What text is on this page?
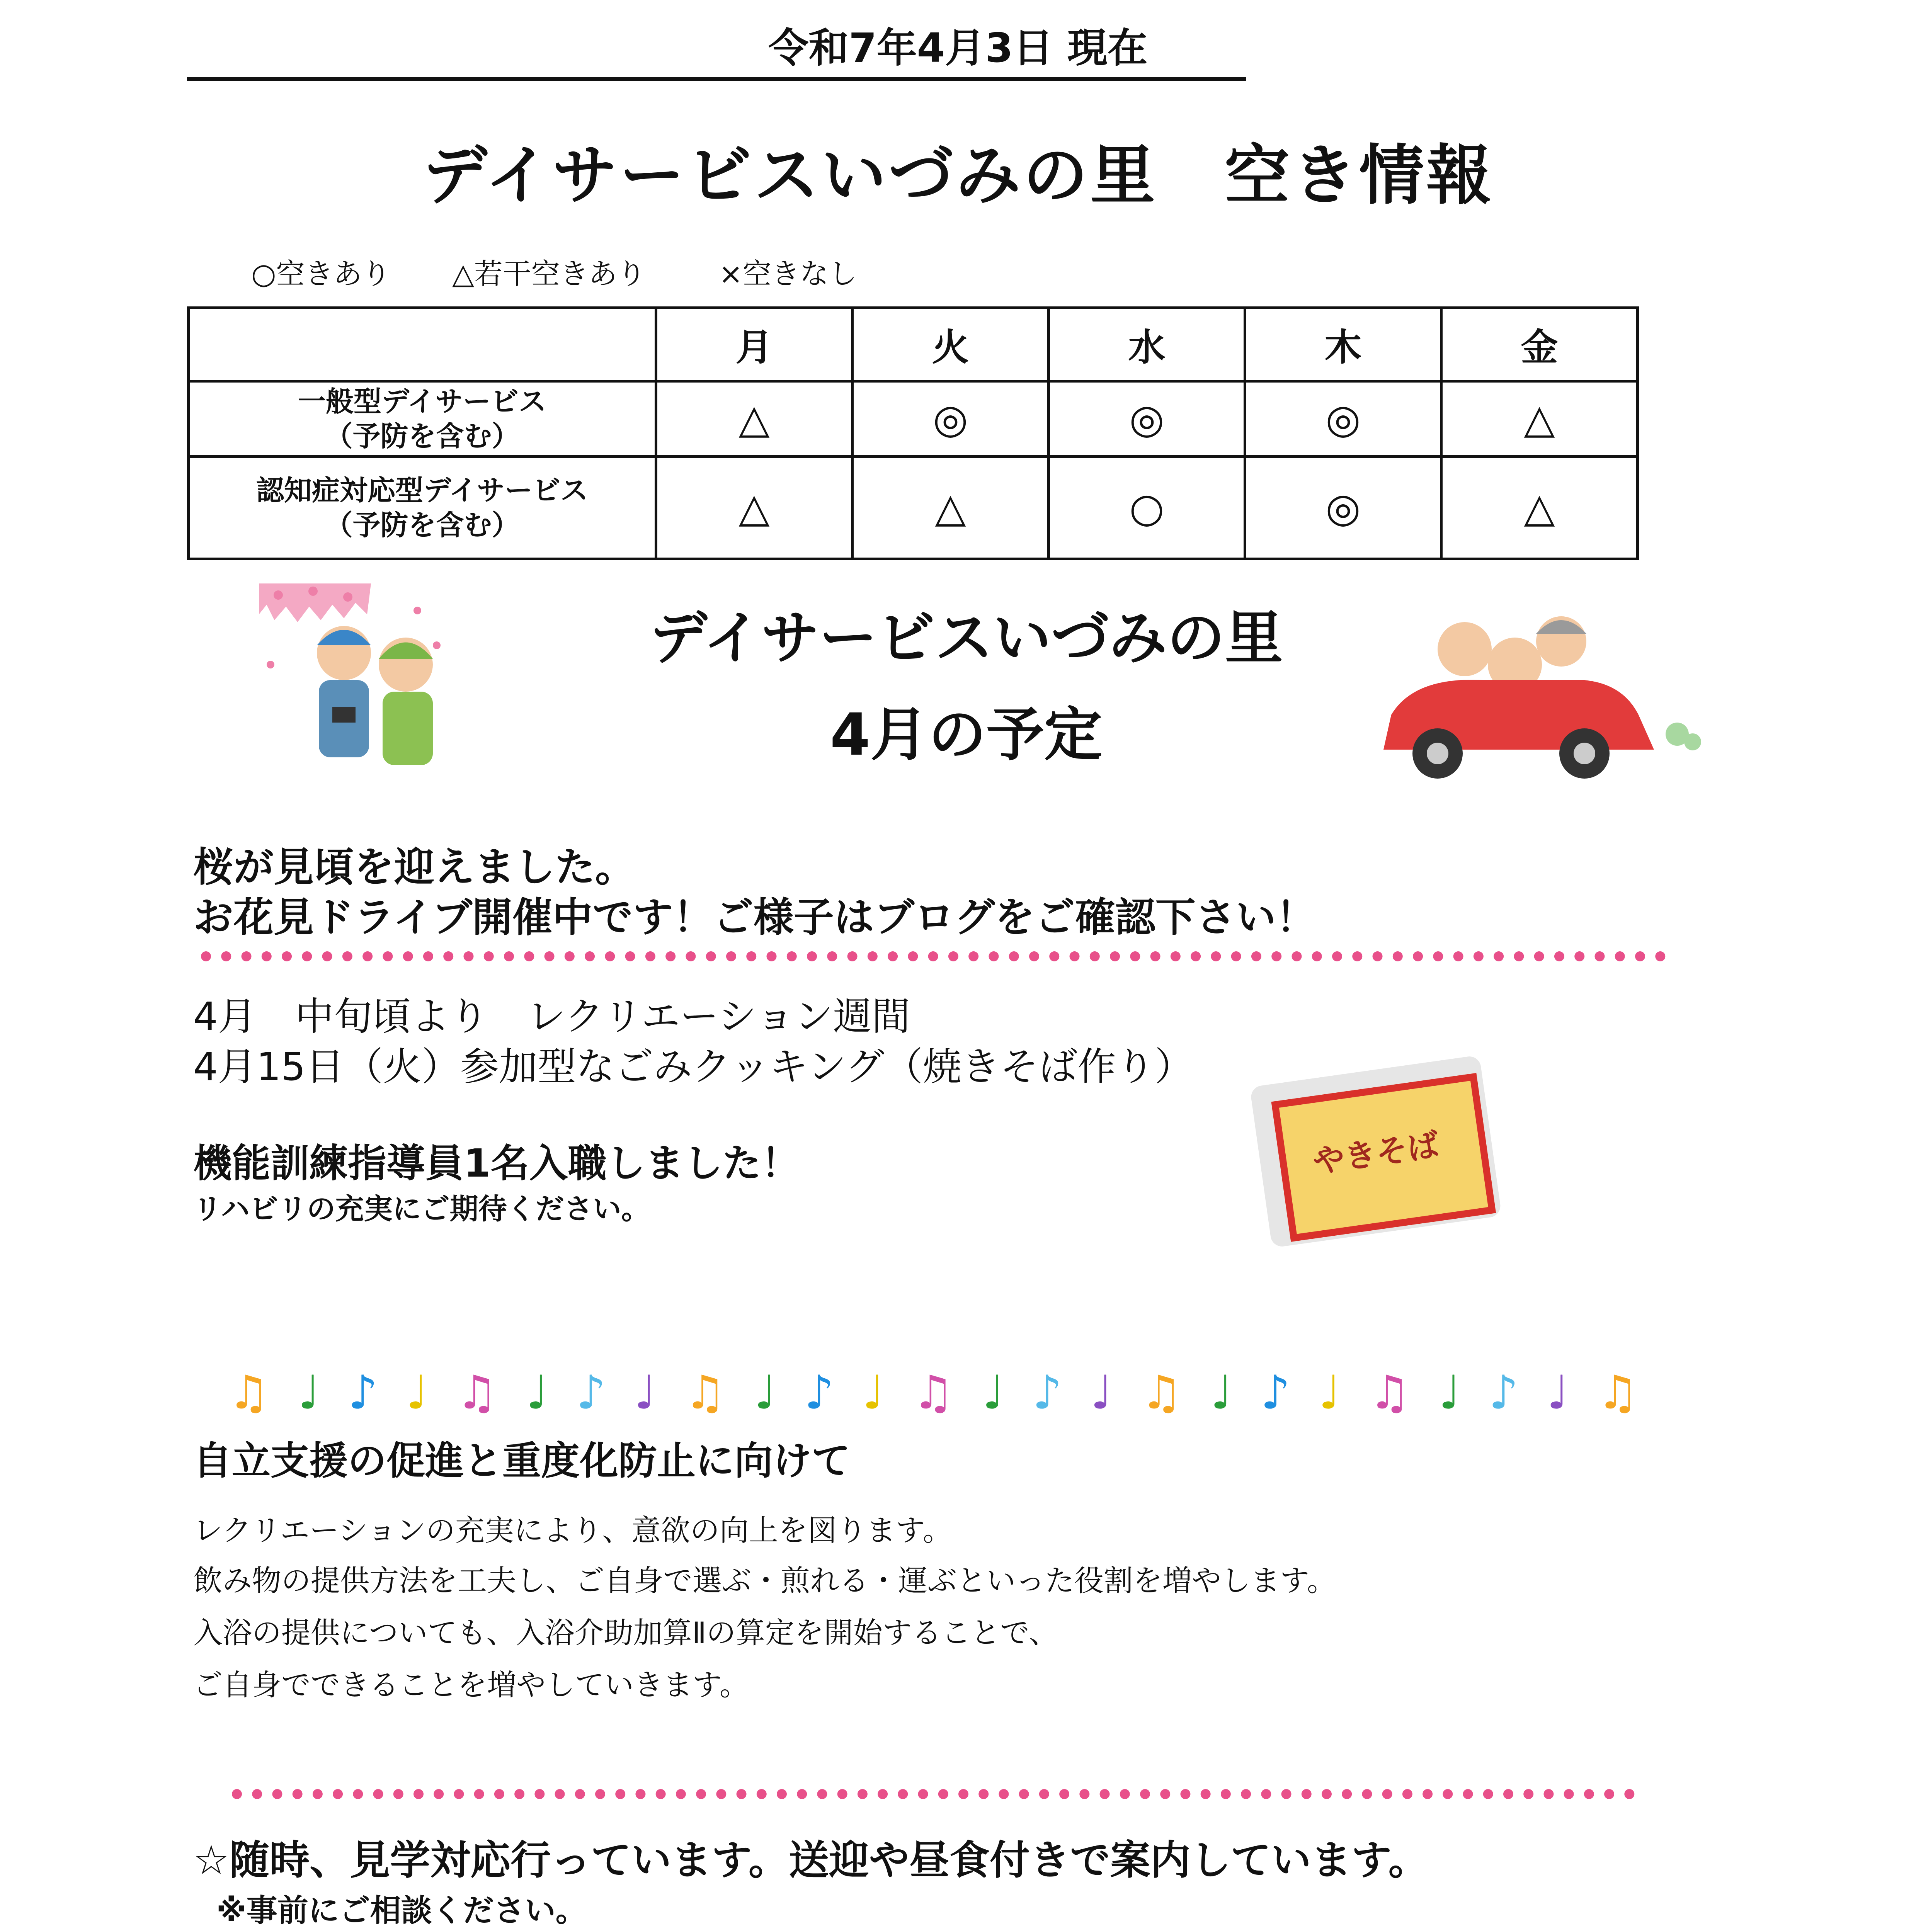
令和7年4月3日 現在
デイサービスいづみの里　空き情報
○空きあり △若干空きあり	×空きなし
	月	火	水	木	金

一般型デイサービス
（予防を含む）	△	◎	◎	◎	△

認知症対応型デイサービス
（予防を含む）	△	△	○	◎	△
デイサービスいづみの里
4月の予定
桜が見頃を迎えました。
お花見ドライブ開催中です！ご様子はブログをご確認下さい！
4月　中旬頃より　レクリエーション週間
4月15日（火）参加型なごみクッキング（焼きそば作り）
機能訓練指導員1名入職しました！
リハビリの充実にご期待ください。
やきそば
♫ ♩ ♪ ♩ ♫ ♩ ♪ ♩ ♫ ♩ ♪ ♩ ♫ ♩ ♪ ♩ ♫ ♩ ♪ ♩ ♫ ♩ ♪ ♩ ♫
自立支援の促進と重度化防止に向けて
レクリエーションの充実により、意欲の向上を図ります。
飲み物の提供方法を工夫し、ご自身で選ぶ・煎れる・運ぶといった役割を増やします。
入浴の提供についても、入浴介助加算Ⅱの算定を開始することで、
ご自身でできることを増やしていきます。
☆随時、見学対応行っています。送迎や昼食付きで案内しています。
※事前にご相談ください。
